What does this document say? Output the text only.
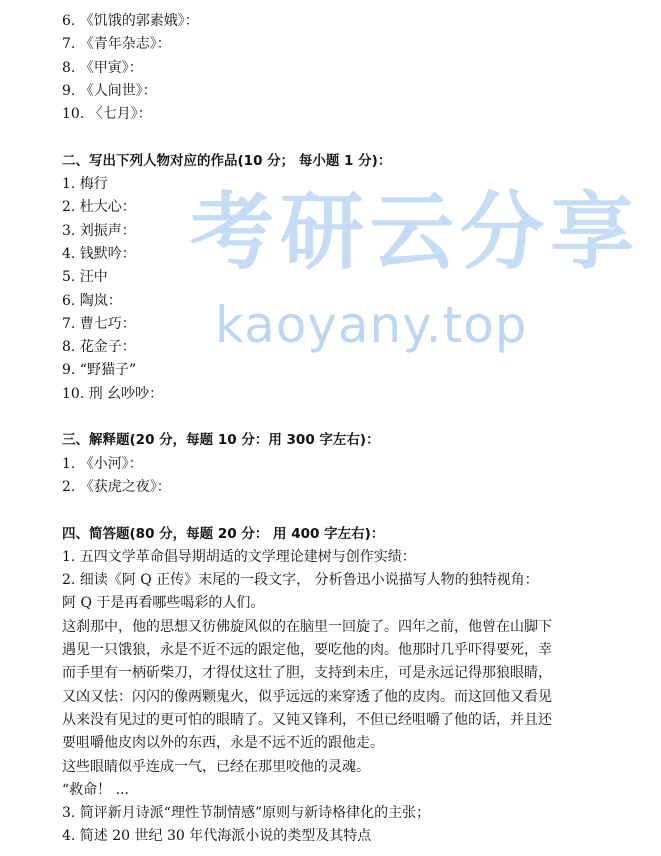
考 研 云 分 享
kaoyany.top
6. 《饥饿的郭素娥》：
7. 《青年杂志》：
8. 《甲寅》：
9. 《人间世》：
10. 〈七月》：
二、写出下列人物对应的作品(10 分； 每小题 1 分)：
1. 梅行
2. 杜大心：
3. 刘振声：
4. 钱默吟：
5. 汪中
6. 陶岚：
7. 曹七巧：
8. 花金子：
9. “野猫子”
10. 刑 幺吵吵：
三、解释题(20 分，每题 10 分：用 300 字左右)：
1. 《小河》：
2. 《获虎之夜》：
四、简答题(80 分，每题 20 分： 用 400 字左右)：
1. 五四文学革命倡导期胡适的文学理论建树与创作实绩：
2. 细读《阿 Q 正传》末尾的一段文字， 分析鲁迅小说描写人物的独特视角：
阿 Q 于是再看哪些喝彩的人们。
这刹那中，他的思想又彷佛旋风似的在脑里一回旋了。四年之前，他曾在山脚下
遇见一只饿狼，永是不近不远的跟定他，要吃他的肉。他那时几乎吓得要死，幸
而手里有一柄斫柴刀，才得仗这壮了胆，支持到未庄，可是永远记得那狼眼睛，
又凶又怯：闪闪的像两颗鬼火，似乎远远的来穿透了他的皮肉。而这回他又看见
从来没有见过的更可怕的眼睛了。又钝又锋利，不但已经咀嚼了他的话，并且还
要咀嚼他皮肉以外的东西，永是不远不近的跟他走。
这些眼睛似乎连成一气，已经在那里咬他的灵魂。
“救命！ ...
3. 简评新月诗派“理性节制情感”原则与新诗格律化的主张；
4. 简述 20 世纪 30 年代海派小说的类型及其特点
